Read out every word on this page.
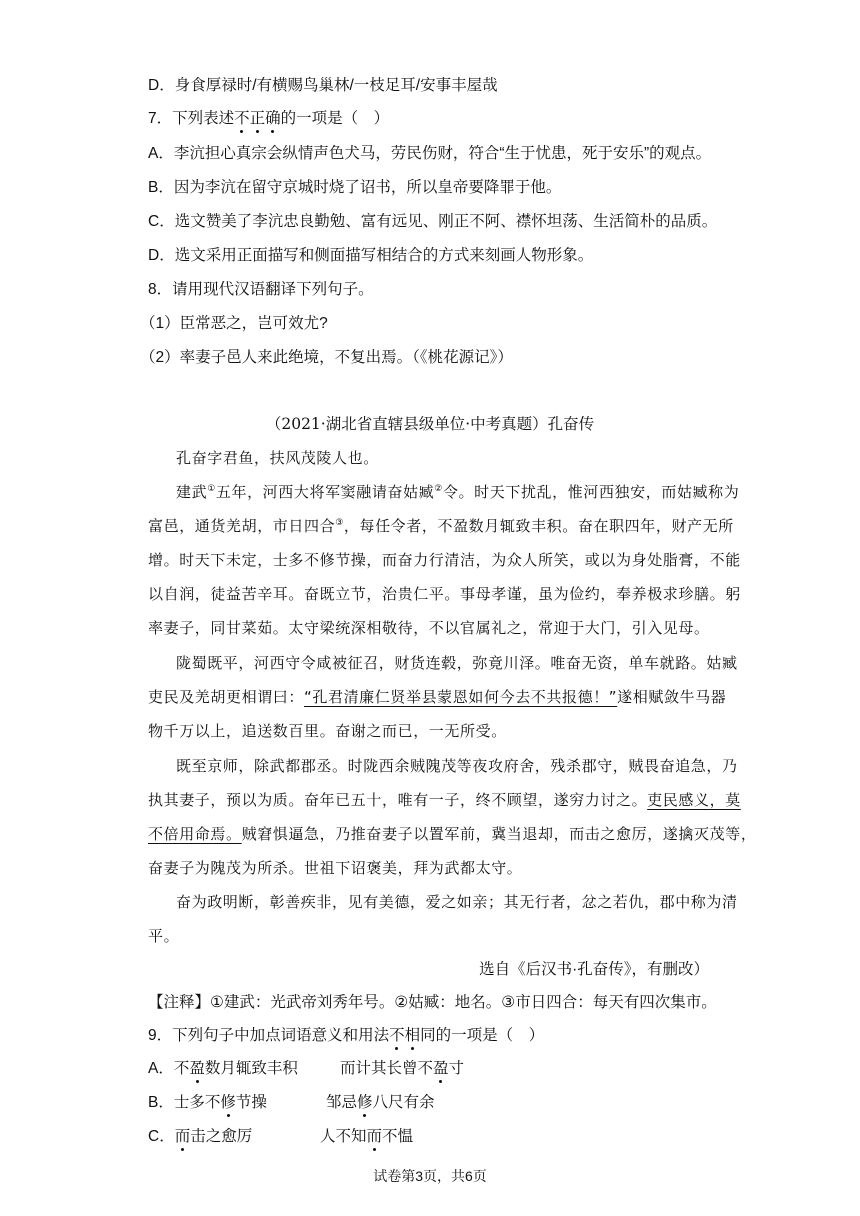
D．身食厚禄时/有横赐鸟巢林/一枝足耳/安事丰屋哉
7．下列表述不正确的一项是（　）
A．李沆担心真宗会纵情声色犬马，劳民伤财，符合“生于忧患，死于安乐”的观点。
B．因为李沆在留守京城时烧了诏书，所以皇帝要降罪于他。
C．选文赞美了李沆忠良勤勉、富有远见、刚正不阿、襟怀坦荡、生活简朴的品质。
D．选文采用正面描写和侧面描写相结合的方式来刻画人物形象。
8．请用现代汉语翻译下列句子。
（1）臣常恶之，岂可效尤?
（2）率妻子邑人来此绝境，不复出焉。（《桃花源记》）
（2021·湖北省直辖县级单位·中考真题）孔奋传
孔奋字君鱼，扶风茂陵人也。
建武①五年，河西大将军窦融请奋姑臧②令。时天下扰乱，惟河西独安，而姑臧称为
富邑，通货羌胡，市日四合③，每任令者，不盈数月辄致丰积。奋在职四年，财产无所
增。时天下未定，士多不修节操，而奋力行清洁，为众人所笑，或以为身处脂膏，不能
以自润，徒益苦辛耳。奋既立节，治贵仁平。事母孝谨，虽为俭约，奉养极求珍膳。躬
率妻子，同甘菜茹。太守梁统深相敬待，不以官属礼之，常迎于大门，引入见母。
陇蜀既平，河西守令咸被征召，财货连毂，弥竟川泽。唯奋无资，单车就路。姑臧
吏民及羌胡更相谓曰：“孔君清廉仁贤举县蒙恩如何今去不共报德！”遂相赋敛牛马器
物千万以上，追送数百里。奋谢之而已，一无所受。
既至京师，除武都郡丞。时陇西余贼隗茂等夜攻府舍，残杀郡守，贼畏奋追急，乃
执其妻子，预以为质。奋年已五十，唯有一子，终不顾望，遂穷力讨之。吏民感义，莫
不倍用命焉。贼窘惧逼急，乃推奋妻子以置军前，冀当退却，而击之愈厉，遂擒灭茂等，
奋妻子为隗茂为所杀。世祖下诏褒美，拜为武都太守。
奋为政明断，彰善疾非，见有美德，爱之如亲；其无行者，忿之若仇，郡中称为清
平。
选自《后汉书·孔奋传》，有删改）
【注释】①建武：光武帝刘秀年号。②姑臧：地名。③市日四合：每天有四次集市。
9．下列句子中加点词语意义和用法不相同的一项是（　）
A．不盈数月辄致丰积	而计其长曾不盈寸
B．士多不修节操	邹忌修八尺有余
C．而击之愈厉	人不知而不愠
试卷第3页，共6页
